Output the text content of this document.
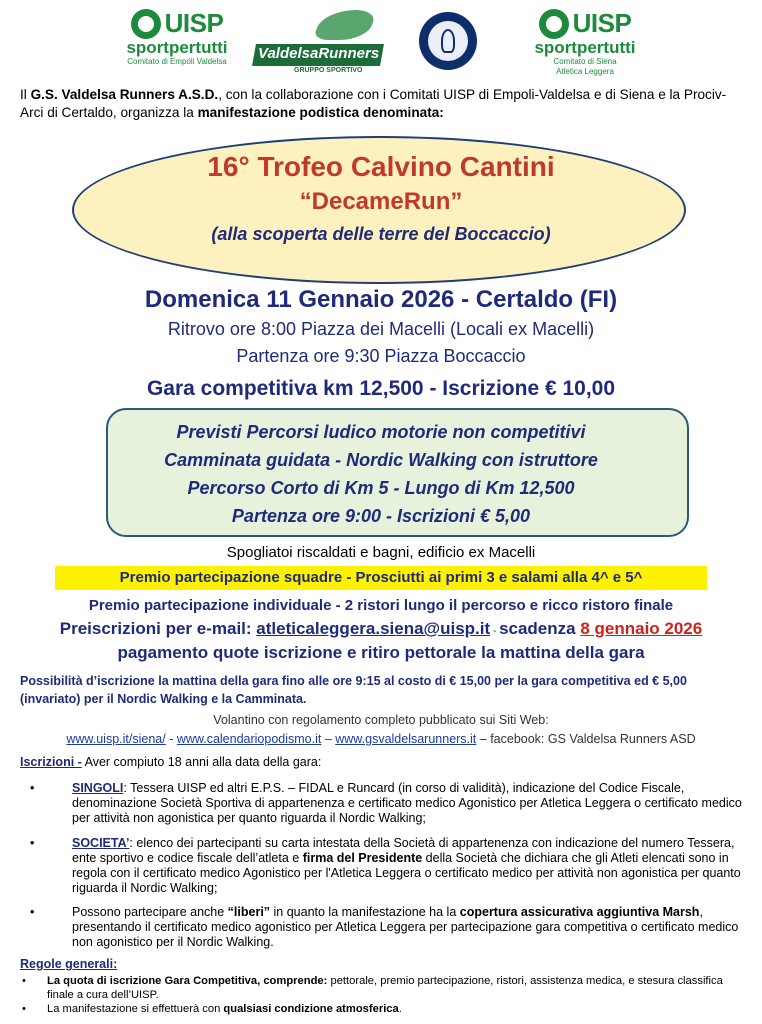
UISP
sportpertutti
Comitato di Empoli Valdelsa	ValdelsaRunners
GRUPPO SPORTIVO
UISP
sportpertutti
Comitato di Siena
Atletica Leggera
Il G.S. Valdelsa Runners A.S.D., con la collaborazione con i Comitati UISP di Empoli-Valdelsa e di Siena e la Prociv-Arci di Certaldo, organizza la manifestazione podistica denominata:
16° Trofeo Calvino Cantini
“DecameRun”
(alla scoperta delle terre del Boccaccio)
Domenica 11 Gennaio 2026 - Certaldo (FI)
Ritrovo ore 8:00 Piazza dei Macelli (Locali ex Macelli)
Partenza ore 9:30 Piazza Boccaccio
Gara competitiva km 12,500 - Iscrizione € 10,00
Previsti Percorsi ludico motorie non competitivi
Camminata guidata - Nordic Walking con istruttore
Percorso Corto di Km 5 - Lungo di Km 12,500
Partenza ore 9:00 - Iscrizioni € 5,00
Spogliatoi riscaldati e bagni, edificio ex Macelli
Premio partecipazione squadre - Prosciutti ai primi 3 e salami alla 4^ e 5^
Premio partecipazione individuale - 2 ristori lungo il percorso e ricco ristoro finale
Preiscrizioni per e-mail: atleticaleggera.siena@uisp.it - scadenza 8 gennaio 2026
pagamento quote iscrizione e ritiro pettorale la mattina della gara
Possibilità d’iscrizione la mattina della gara fino alle ore 9:15 al costo di € 15,00 per la gara competitiva ed € 5,00 (invariato) per il Nordic Walking e la Camminata.
Volantino con regolamento completo pubblicato sui Siti Web:
www.uisp.it/siena/ - www.calendariopodismo.it – www.gsvaldelsarunners.it – facebook: GS Valdelsa Runners ASD
Iscrizioni - Aver compiuto 18 anni alla data della gara:
•	SINGOLI: Tessera UISP ed altri E.P.S. – FIDAL e Runcard (in corso di validità), indicazione del Codice Fiscale, denominazione Società Sportiva di appartenenza e certificato medico Agonistico per Atletica Leggera o certificato medico per attività non agonistica per quanto riguarda il Nordic Walking;
•	SOCIETA’: elenco dei partecipanti su carta intestata della Società di appartenenza con indicazione del numero Tessera, ente sportivo e codice fiscale dell’atleta e firma del Presidente della Società che dichiara che gli Atleti elencati sono in regola con il certificato medico Agonistico per l'Atletica Leggera o certificato medico per attività non agonistica per quanto riguarda il Nordic Walking;
•	Possono partecipare anche “liberi” in quanto la manifestazione ha la copertura assicurativa aggiuntiva Marsh, presentando il certificato medico agonistico per Atletica Leggera per partecipazione gara competitiva o certificato medico non agonistico per il Nordic Walking.
Regole generali:
• La quota di iscrizione Gara Competitiva, comprende: pettorale, premio partecipazione, ristori, assistenza medica, e stesura classifica finale a cura dell’UISP.
• La manifestazione si effettuerà con qualsiasi condizione atmosferica.
